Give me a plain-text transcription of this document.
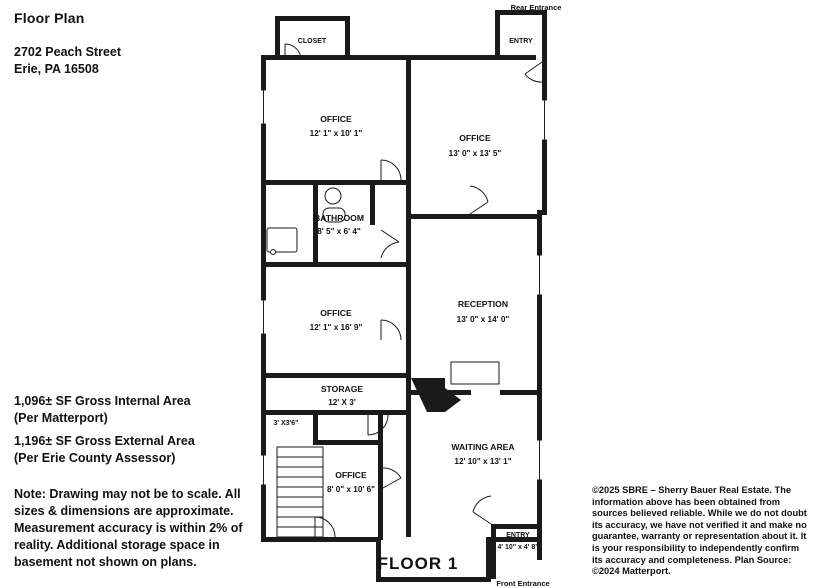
Floor Plan
2702 Peach Street
Erie, PA 16508
1,096± SF Gross Internal Area
(Per Matterport)
1,196± SF Gross External Area
(Per Erie County Assessor)
Note: Drawing may not be to scale. All sizes & dimensions are approximate. Measurement accuracy is within 2% of reality. Additional storage space in basement not shown on plans.
©2025 SBRE – Sherry Bauer Real Estate. The information above has been obtained from sources believed reliable. While we do not doubt its accuracy, we have not verified it and make no guarantee, warranty or representation about it. It is your responsibility to independently confirm its accuracy and completeness. Plan Source: ©2024 Matterport.
CLOSET	ENTRY
OFFICE
12' 1" x 10' 1"	OFFICE
13' 0" x 13' 5"
BATHROOM
8' 5" x 6' 4"
OFFICE
12' 1" x 16' 9"
RECEPTION
13' 0" x 14' 0"
STORAGE
12' X 3'
3' X3'6"
OFFICE
8' 0" x 10' 6"
WAITING AREA
12' 10" x 13' 1"
ENTRY
4' 10" x 4' 8"
Rear Entrance
Front Entrance
FLOOR 1
